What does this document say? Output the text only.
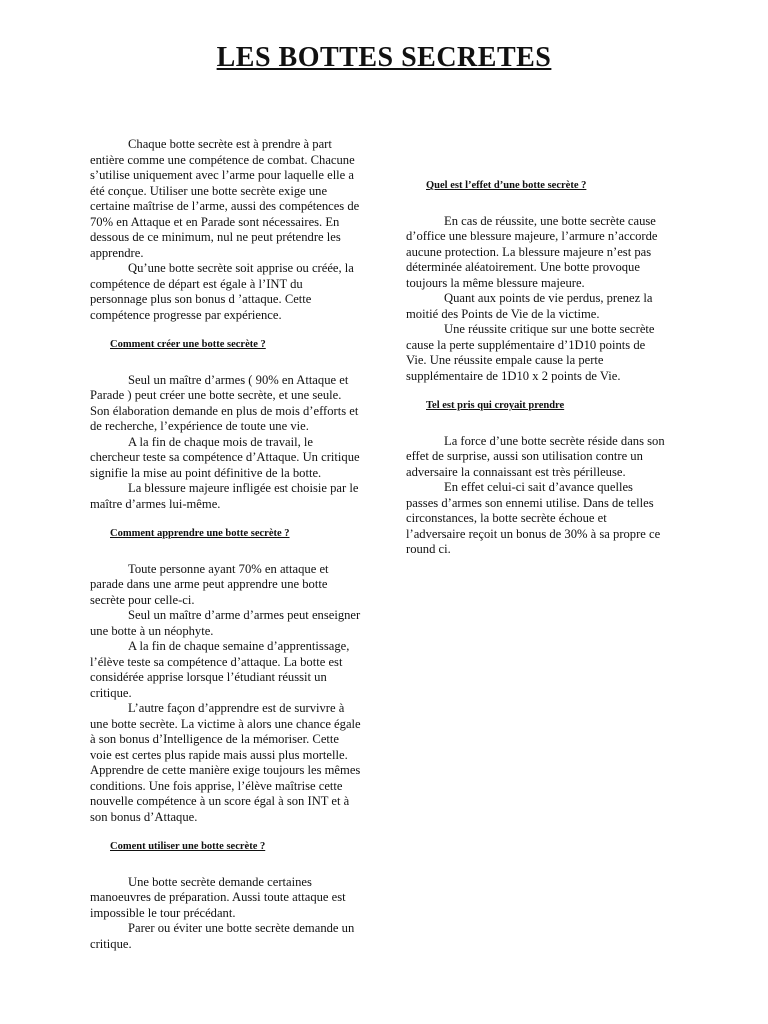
LES BOTTES SECRETES

Chaque botte secrète est à prendre à part entière comme une compétence de combat. Chacune s’utilise uniquement avec l’arme pour laquelle elle a été conçue. Utiliser une botte secrète exige une certaine maîtrise de l’arme, aussi des compétences de 70% en Attaque et en Parade sont nécessaires. En dessous de ce minimum, nul ne peut prétendre les apprendre.

Qu’une botte secrète soit apprise ou créée, la compétence de départ est égale à l’INT du personnage plus son bonus d ’attaque. Cette compétence progresse par expérience.

Comment créer une botte secrète ?

Seul un maître d’armes ( 90% en Attaque et Parade ) peut créer une botte secrète, et une seule. Son élaboration demande en plus de mois d’efforts et de recherche, l’expérience de toute une vie.

A la fin de chaque mois de travail, le chercheur teste sa compétence d’Attaque. Un critique signifie la mise au point définitive de la botte.

La blessure majeure infligée est choisie par le maître d’armes lui-même.

Comment apprendre une botte secrète ?

Toute personne ayant 70% en attaque et parade dans une arme peut apprendre une botte secrète pour celle-ci.

Seul un maître d’arme d’armes peut enseigner une botte à un néophyte.

A la fin de chaque semaine d’apprentissage, l’élève teste sa compétence d’attaque. La botte est considérée apprise lorsque l’étudiant réussit un critique.

L’autre façon d’apprendre est de survivre à une botte secrète. La victime à alors une chance égale à son bonus d’Intelligence de la mémoriser. Cette voie est certes plus rapide mais aussi plus mortelle. Apprendre de cette manière exige toujours les mêmes conditions. Une fois apprise, l’élève maîtrise cette nouvelle compétence à un score égal à son INT et à son bonus d’Attaque.

Coment utiliser une botte secrète ?

Une botte secrète demande certaines manoeuvres de préparation. Aussi toute attaque est impossible le tour précédant.

Parer ou éviter une botte secrète demande un critique.

Quel est l’effet d’une botte secrète ?

En cas de réussite, une botte secrète cause d’office une blessure majeure, l’armure n’accorde aucune protection. La blessure majeure n’est pas déterminée aléatoirement. Une botte provoque toujours la même blessure majeure.

Quant aux points de vie perdus, prenez la moitié des Points de Vie de la victime.

Une réussite critique sur une botte secrète cause la perte supplémentaire d’1D10 points de Vie. Une réussite empale cause la perte supplémentaire de 1D10 x 2 points de Vie.

Tel est pris qui croyait prendre

La force d’une botte secrète réside dans son effet de surprise, aussi son utilisation contre un adversaire la connaissant est très périlleuse.

En effet celui-ci sait d’avance quelles passes d’armes son ennemi utilise. Dans de telles circonstances, la botte secrète échoue et l’adversaire reçoit un bonus de 30% à sa propre ce round ci.
